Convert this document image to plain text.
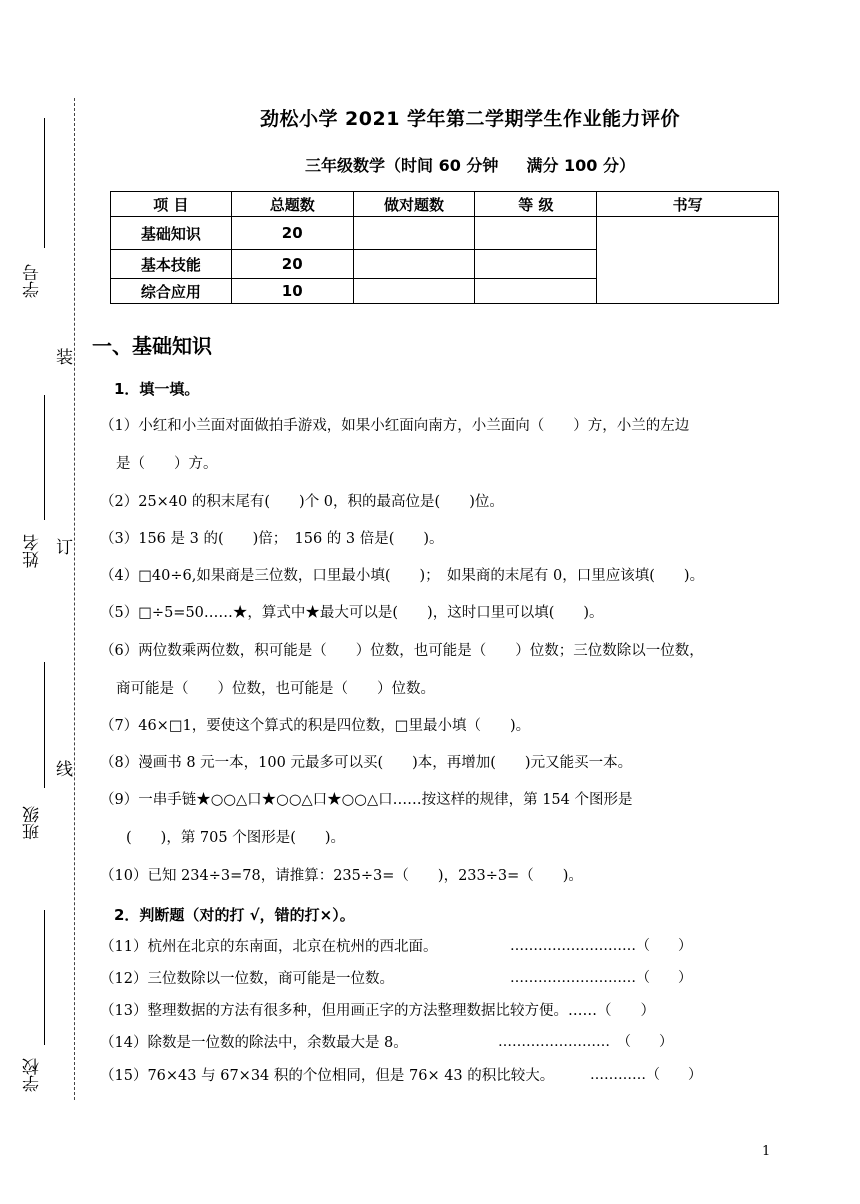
装
订
线
学号
姓名
班级
学校
劲松小学 2021 学年第二学期学生作业能力评价
三年级数学（时间 60 分钟 满分 100 分）
项 目	总题数	做对题数	等 级	书写
基础知识	20			
基本技能	20			
综合应用	10			
一、基础知识
1．填一填。
（1）小红和小兰面对面做拍手游戏，如果小红面向南方，小兰面向（　　）方，小兰的左边
是（　　）方。
（2）25×40 的积末尾有(　　)个 0，积的最高位是(　　)位。
（3）156 是 3 的(　　)倍；　156 的 3 倍是(　　)。
（4）□40÷6,如果商是三位数，口里最小填(　　)；　如果商的末尾有 0，口里应该填(　　)。
（5）□÷5=50……★，算式中★最大可以是(　　)，这时口里可以填(　　)。
（6）两位数乘两位数，积可能是（　　）位数，也可能是（　　）位数；三位数除以一位数，
商可能是（　　）位数，也可能是（　　）位数。
（7）46×□1，要使这个算式的积是四位数，□里最小填（　　)。
（8）漫画书 8 元一本，100 元最多可以买(　　)本，再增加(　　)元又能买一本。
（9）一串手链★○○△口★○○△口★○○△口……按这样的规律，第 154 个图形是
(　　)，第 705 个图形是(　　)。
（10）已知 234÷3=78，请推算：235÷3=（　　)，233÷3=（　　)。
2．判断题（对的打 √，错的打×）。
（11）杭州在北京的东南面，北京在杭州的西北面。	………………………（　　）
（12）三位数除以一位数，商可能是一位数。	………………………（　　）
（13）整理数据的方法有很多种，但用画正字的方法整理数据比较方便。……（　　）
（14）除数是一位数的除法中，余数最大是 8。	……………………　（　　）
（15）76×43 与 67×34 积的个位相同，但是 76× 43 的积比较大。	…………（　　）
1
